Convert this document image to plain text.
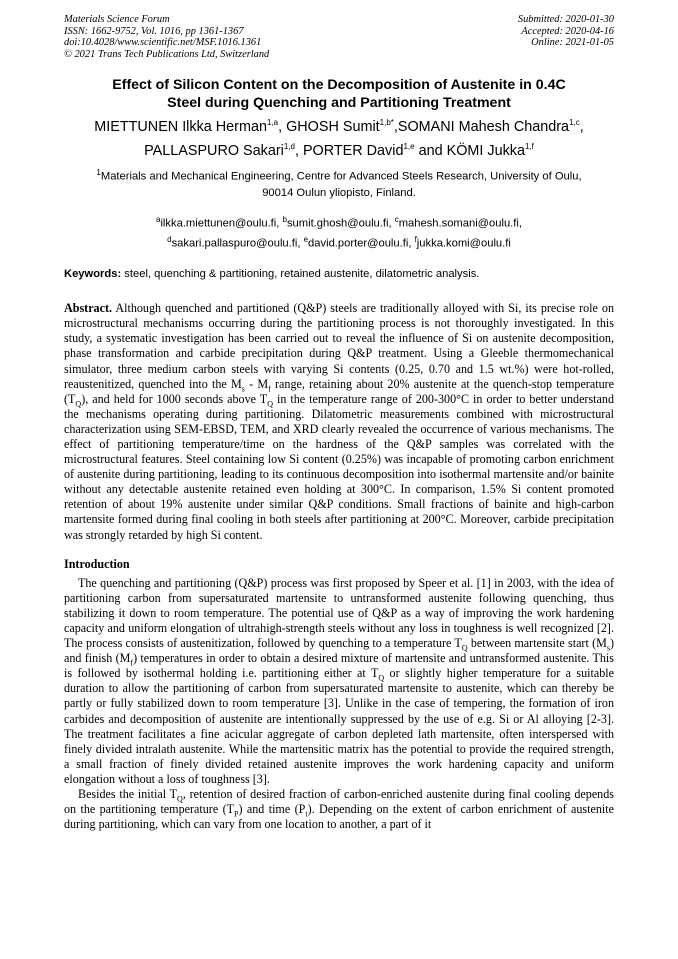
Materials Science Forum
ISSN: 1662-9752, Vol. 1016, pp 1361-1367
doi:10.4028/www.scientific.net/MSF.1016.1361
© 2021 Trans Tech Publications Ltd, Switzerland
Submitted: 2020-01-30
Accepted: 2020-04-16
Online: 2021-01-05
Effect of Silicon Content on the Decomposition of Austenite in 0.4C
Steel during Quenching and Partitioning Treatment
MIETTUNEN Ilkka Herman$^{1,a}$, GHOSH Sumit$^{1,b*}$,SOMANI Mahesh Chandra$^{1,c}$,
PALLASPURO Sakari$^{1,d}$, PORTER David$^{1,e}$ and KÖMI Jukka$^{1,f}$
$^1$Materials and Mechanical Engineering, Centre for Advanced Steels Research, University of Oulu,
90014 Oulun yliopisto, Finland.
$^a$ilkka.miettunen@oulu.fi, $^b$sumit.ghosh@oulu.fi, $^c$mahesh.somani@oulu.fi,
$^d$sakari.pallaspuro@oulu.fi, $^e$david.porter@oulu.fi, $^f$jukka.komi@oulu.fi
Keywords: steel, quenching & partitioning, retained austenite, dilatometric analysis.

Abstract. Although quenched and partitioned (Q&P) steels are traditionally alloyed with Si, its precise role on microstructural mechanisms occurring during the partitioning process is not thoroughly investigated. In this study, a systematic investigation has been carried out to reveal the influence of Si on austenite decomposition, phase transformation and carbide precipitation during Q&P treatment. Using a Gleeble thermomechanical simulator, three medium carbon steels with varying Si contents (0.25, 0.70 and 1.5 wt.%) were hot-rolled, reaustenitized, quenched into the $M_s - M_f$ range, retaining about 20% austenite at the quench-stop temperature $(T_Q)$, and held for 1000 seconds above $T_Q$ in the temperature range of 200-300°C in order to better understand the mechanisms operating during partitioning. Dilatometric measurements combined with microstructural characterization using SEM-EBSD, TEM, and XRD clearly revealed the occurrence of various mechanisms. The effect of partitioning temperature/time on the hardness of the Q&P samples was correlated with the microstructural features. Steel containing low Si content (0.25%) was incapable of promoting carbon enrichment of austenite during partitioning, leading to its continuous decomposition into isothermal martensite and/or bainite without any detectable austenite retained even holding at 300°C. In comparison, 1.5% Si content promoted retention of about 19% austenite under similar Q&P conditions. Small fractions of bainite and high-carbon martensite formed during final cooling in both steels after partitioning at 200°C. Moreover, carbide precipitation was strongly retarded by high Si content.

Introduction

The quenching and partitioning (Q&P) process was first proposed by Speer et al. [1] in 2003, with the idea of partitioning carbon from supersaturated martensite to untransformed austenite following quenching, thus stabilizing it down to room temperature. The potential use of Q&P as a way of improving the work hardening capacity and uniform elongation of ultrahigh-strength steels without any loss in toughness is well recognized [2]. The process consists of austenitization, followed by quenching to a temperature $T_Q$ between martensite start $(M_s)$ and finish $(M_f)$ temperatures in order to obtain a desired mixture of martensite and untransformed austenite. This is followed by isothermal holding i.e. partitioning either at $T_Q$ or slightly higher temperature for a suitable duration to allow the partitioning of carbon from supersaturated martensite to austenite, which can thereby be partly or fully stabilized down to room temperature [3]. Unlike in the case of tempering, the formation of iron carbides and decomposition of austenite are intentionally suppressed by the use of e.g. Si or Al alloying [2-3]. The treatment facilitates a fine acicular aggregate of carbon depleted lath martensite, often interspersed with finely divided intralath austenite. While the martensitic matrix has the potential to provide the required strength, a small fraction of finely divided retained austenite improves the work hardening capacity and uniform elongation without a loss of toughness [3].

Besides the initial $T_Q$, retention of desired fraction of carbon-enriched austenite during final cooling depends on the partitioning temperature $(T_P)$ and time $(P_t)$. Depending on the extent of carbon enrichment of austenite during partitioning, which can vary from one location to another, a part of it
